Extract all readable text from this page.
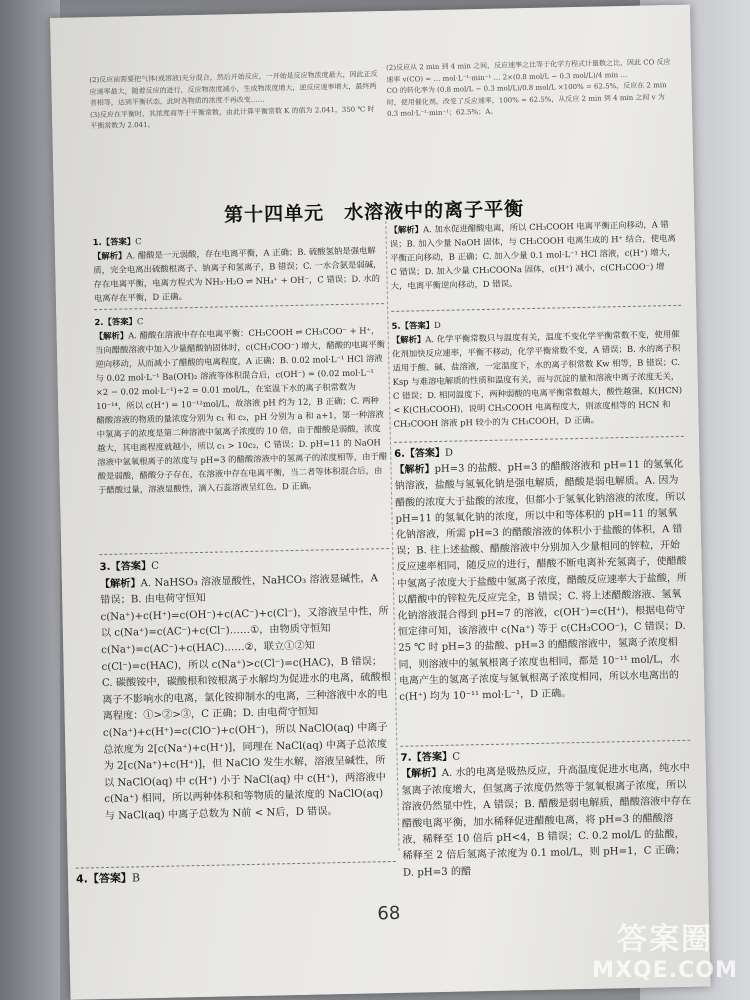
(2)反应前需要把气体(或溶液)充分混合，然后开始反应，一开始是反应物浓度最大，因此正反应速率最大，随着反应的进行，反应物浓度减小，生成物浓度增大，逆反应速率增大，最终两者相等，达到平衡状态，此时各物质的浓度不再改变……

(3)反应在平衡时，其浓度商等于平衡常数，由此计算平衡常数 K 的值为 2.041，350 ℃ 时平衡常数为 2.041。

(2)反应从 2 min 到 4 min 之间，反应速率之比等于化学方程式计量数之比，因此 CO 反应速率 v(CO) = … mol·L⁻¹·min⁻¹ … 2×(0.8 mol/L − 0.3 mol/L)/4 min …

CO 的转化率为 (0.8 mol/L − 0.3 mol/L)/0.8 mol/L ×100% = 62.5%，反应在 2 min 时，使用催化剂，改变了反应速率，100% = 62.5%，从反应 2 min 到 4 min 之间 v 为 0.3 mol·L⁻¹·min⁻¹；62.5%；A。

第十四单元　水溶液中的离子平衡

1.【答案】C

【解析】A. 醋酸是一元弱酸，存在电离平衡，A 正确；B. 硫酸氢钠是强电解质，完全电离出硫酸根离子、钠离子和氢离子，B 错误；C. 一水合氨是弱碱，存在电离平衡，电离方程式为 NH₃·H₂O ⇌ NH₄⁺ + OH⁻，C 错误；D. 水的电离存在平衡，D 正确。

2.【答案】C

【解析】A. 醋酸在溶液中存在电离平衡：CH₃COOH ⇌ CH₃COO⁻ + H⁺，当向醋酸溶液中加入少量醋酸钠固体时，c(CH₃COO⁻) 增大，醋酸的电离平衡逆向移动，从而减小了醋酸的电离程度，A 正确；B. 0.02 mol·L⁻¹ HCl 溶液与 0.02 mol·L⁻¹ Ba(OH)₂ 溶液等体积混合后，c(OH⁻) = (0.02 mol·L⁻¹ ×2 − 0.02 mol·L⁻¹)÷2 = 0.01 mol/L，在室温下水的离子积常数为 10⁻¹⁴，所以 c(H⁺) = 10⁻¹²mol/L，故溶液 pH 约为 12，B 正确；C. 两种醋酸溶液的物质的量浓度分别为 c₁ 和 c₂，pH 分别为 a 和 a+1，第一种溶液中氢离子的浓度是第二种溶液中氢离子浓度的 10 倍，由于醋酸是弱酸，浓度越大，其电离程度就越小，所以 c₁ > 10c₂，C 错误；D. pH=11 的 NaOH 溶液中氢氧根离子的浓度与 pH=3 的醋酸溶液中的氢离子的浓度相等，由于醋酸是弱酸，醋酸分子存在，在溶液中存在电离平衡，当二者等体积混合后，由于醋酸过量，溶液显酸性，滴入石蕊溶液呈红色，D 正确。

3.【答案】C

【解析】A. NaHSO₃ 溶液显酸性，NaHCO₃ 溶液显碱性，A 错误；B. 由电荷守恒知 c(Na⁺)+c(H⁺)=c(OH⁻)+c(AC⁻)+c(Cl⁻)，又溶液呈中性，所以 c(Na⁺)=c(AC⁻)+c(Cl⁻)……①，由物质守恒知 c(Na⁺)=c(AC⁻)+c(HAC)……②，联立①②知 c(Cl⁻)=c(HAC)，所以 c(Na⁺)>c(Cl⁻)=c(HAC)，B 错误；C. 碳酸铵中，碳酸根和铵根离子水解均为促进水的电离，硫酸根离子不影响水的电离，氯化铵抑制水的电离，三种溶液中水的电离程度：①>②>③，C 正确；D. 由电荷守恒知 c(Na⁺)+c(H⁺)=c(ClO⁻)+c(OH⁻)，所以 NaClO(aq) 中离子总浓度为 2[c(Na⁺)+c(H⁺)]，同理在 NaCl(aq) 中离子总浓度为 2[c(Na⁺)+c(H⁺)]，但 NaClO 发生水解，溶液呈碱性，所以 NaClO(aq) 中 c(H⁺) 小于 NaCl(aq) 中 c(H⁺)，两溶液中 c(Na⁺) 相同，所以两种体积和等物质的量浓度的 NaClO(aq) 与 NaCl(aq) 中离子总数为 N前 < N后，D 错误。

4.【答案】B

【解析】A. 加水促进醋酸电离，所以 CH₃COOH 电离平衡正向移动，A 错误；B. 加入少量 NaOH 固体，与 CH₃COOH 电离生成的 H⁺ 结合，使电离平衡正向移动，B 正确；C. 加入少量 0.1 mol·L⁻¹ HCl 溶液，c(H⁺) 增大，C 错误；D. 加入少量 CH₃COONa 固体，c(H⁺) 减小，c(CH₃COO⁻) 增大，电离平衡逆向移动，D 错误。

5.【答案】D

【解析】A. 化学平衡常数只与温度有关，温度不变化学平衡常数不变，使用催化剂加快反应速率，平衡不移动，化学平衡常数不变，A 错误；B. 水的离子积适用于酸、碱、盐溶液，一定温度下，水的离子积常数 Kw 相等，B 错误；C. Ksp 与难溶电解质的性质和温度有关，而与沉淀的量和溶液中离子浓度无关，C 错误；D. 相同温度下，两种弱酸的电离平衡常数越大，酸性越强，K(HCN) < K(CH₃COOH)，说明 CH₃COOH 电离程度大，则浓度相等的 HCN 和 CH₃COOH 溶液 pH 较小的为 CH₃COOH，D 正确。

6.【答案】D

【解析】pH=3 的盐酸、pH=3 的醋酸溶液和 pH=11 的氢氧化钠溶液，盐酸与氢氧化钠是强电解质，醋酸是弱电解质。A. 因为醋酸的浓度大于盐酸的浓度，但都小于氢氧化钠溶液的浓度，所以 pH=11 的氢氧化钠的浓度，所以中和等体积的 pH=11 的氢氧化钠溶液，所需 pH=3 的醋酸溶液的体积小于盐酸的体积，A 错误；B. 往上述盐酸、醋酸溶液中分别加入少量相同的锌粒，开始反应速率相同，随反应的进行，醋酸不断电离补充氢离子，使醋酸中氢离子浓度大于盐酸中氢离子浓度，醋酸反应速率大于盐酸，所以醋酸中的锌粒先反应完全，B 错误；C. 将上述醋酸溶液、氢氧化钠溶液混合得到 pH=7 的溶液，c(OH⁻)=c(H⁺)，根据电荷守恒定律可知，该溶液中 c(Na⁺) 等于 c(CH₃COO⁻)，C 错误；D. 25 ℃ 时 pH=3 的盐酸、pH=3 的醋酸溶液中，氢离子浓度相同，则溶液中的氢氧根离子浓度也相同，都是 10⁻¹¹ mol/L，水电离产生的氢离子浓度与氢氧根离子浓度相同，所以水电离出的 c(H⁺) 均为 10⁻¹¹ mol·L⁻¹，D 正确。

7.【答案】C

【解析】A. 水的电离是吸热反应，升高温度促进水电离，纯水中氢离子浓度增大，但氢离子浓度仍然等于氢氧根离子浓度，所以溶液仍然显中性，A 错误；B. 醋酸是弱电解质，醋酸溶液中存在醋酸电离平衡，加水稀释促进醋酸电离，将 pH=3 的醋酸溶液，稀释至 10 倍后 pH<4，B 错误；C. 0.2 mol/L 的盐酸，稀释至 2 倍后氢离子浓度为 0.1 mol/L，则 pH=1，C 正确；D. pH=3 的醋

68
答案圈
MXQE.COM
